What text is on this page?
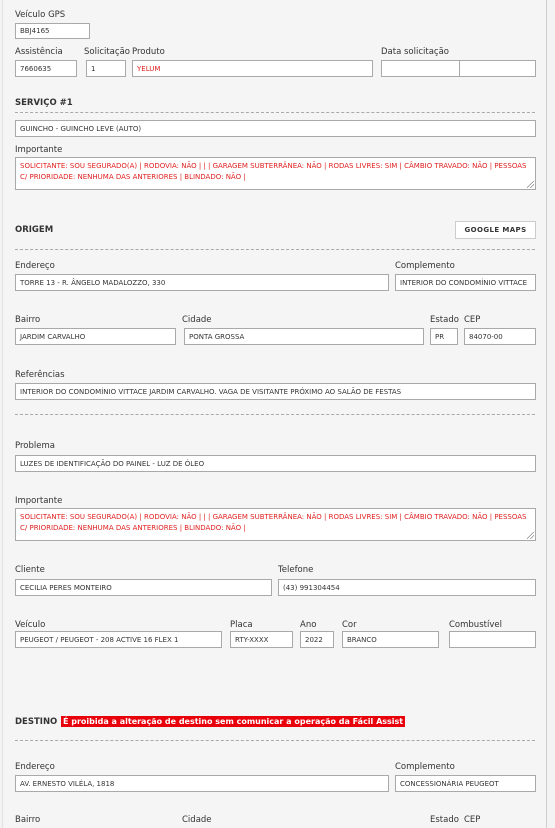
Veículo GPS
BBJ4165
Assistência
7660635
Solicitação
1
Produto
YELUM
Data solicitação
SERVIÇO #1
GUINCHO - GUINCHO LEVE (AUTO)
Importante
SOLICITANTE: SOU SEGURADO(A) | RODOVIA: NÃO | | | GARAGEM SUBTERRÂNEA: NÃO | RODAS LIVRES: SIM | CÂMBIO TRAVADO: NÃO | PESSOAS C/ PRIORIDADE: NENHUMA DAS ANTERIORES | BLINDADO: NÃO |
ORIGEM	GOOGLE MAPS
Endereço
TORRE 13 - R. ÂNGELO MADALOZZO, 330
Complemento
INTERIOR DO CONDOMÍNIO VITTACE
Bairro
JARDIM CARVALHO
Cidade
PONTA GROSSA
Estado
PR
CEP
84070-00
Referências
INTERIOR DO CONDOMÍNIO VITTACE JARDIM CARVALHO. VAGA DE VISITANTE PRÓXIMO AO SALÃO DE FESTAS
Problema
LUZES DE IDENTIFICAÇÃO DO PAINEL - LUZ DE ÓLEO
Importante
SOLICITANTE: SOU SEGURADO(A) | RODOVIA: NÃO | | | GARAGEM SUBTERRÂNEA: NÃO | RODAS LIVRES: SIM | CÂMBIO TRAVADO: NÃO | PESSOAS C/ PRIORIDADE: NENHUMA DAS ANTERIORES | BLINDADO: NÃO |
Cliente
CECILIA PERES MONTEIRO
Telefone
(43) 991304454
Veículo
PEUGEOT / PEUGEOT - 208 ACTIVE 16 FLEX 1
Placa
RTY-XXXX
Ano
2022
Cor
BRANCO
Combustível
DESTINO É proibida a alteração de destino sem comunicar a operação da Fácil Assist
Endereço
AV. ERNESTO VILÉLA, 1818
Complemento
CONCESSIONÁRIA PEUGEOT
Bairro	Cidade	Estado CEP
